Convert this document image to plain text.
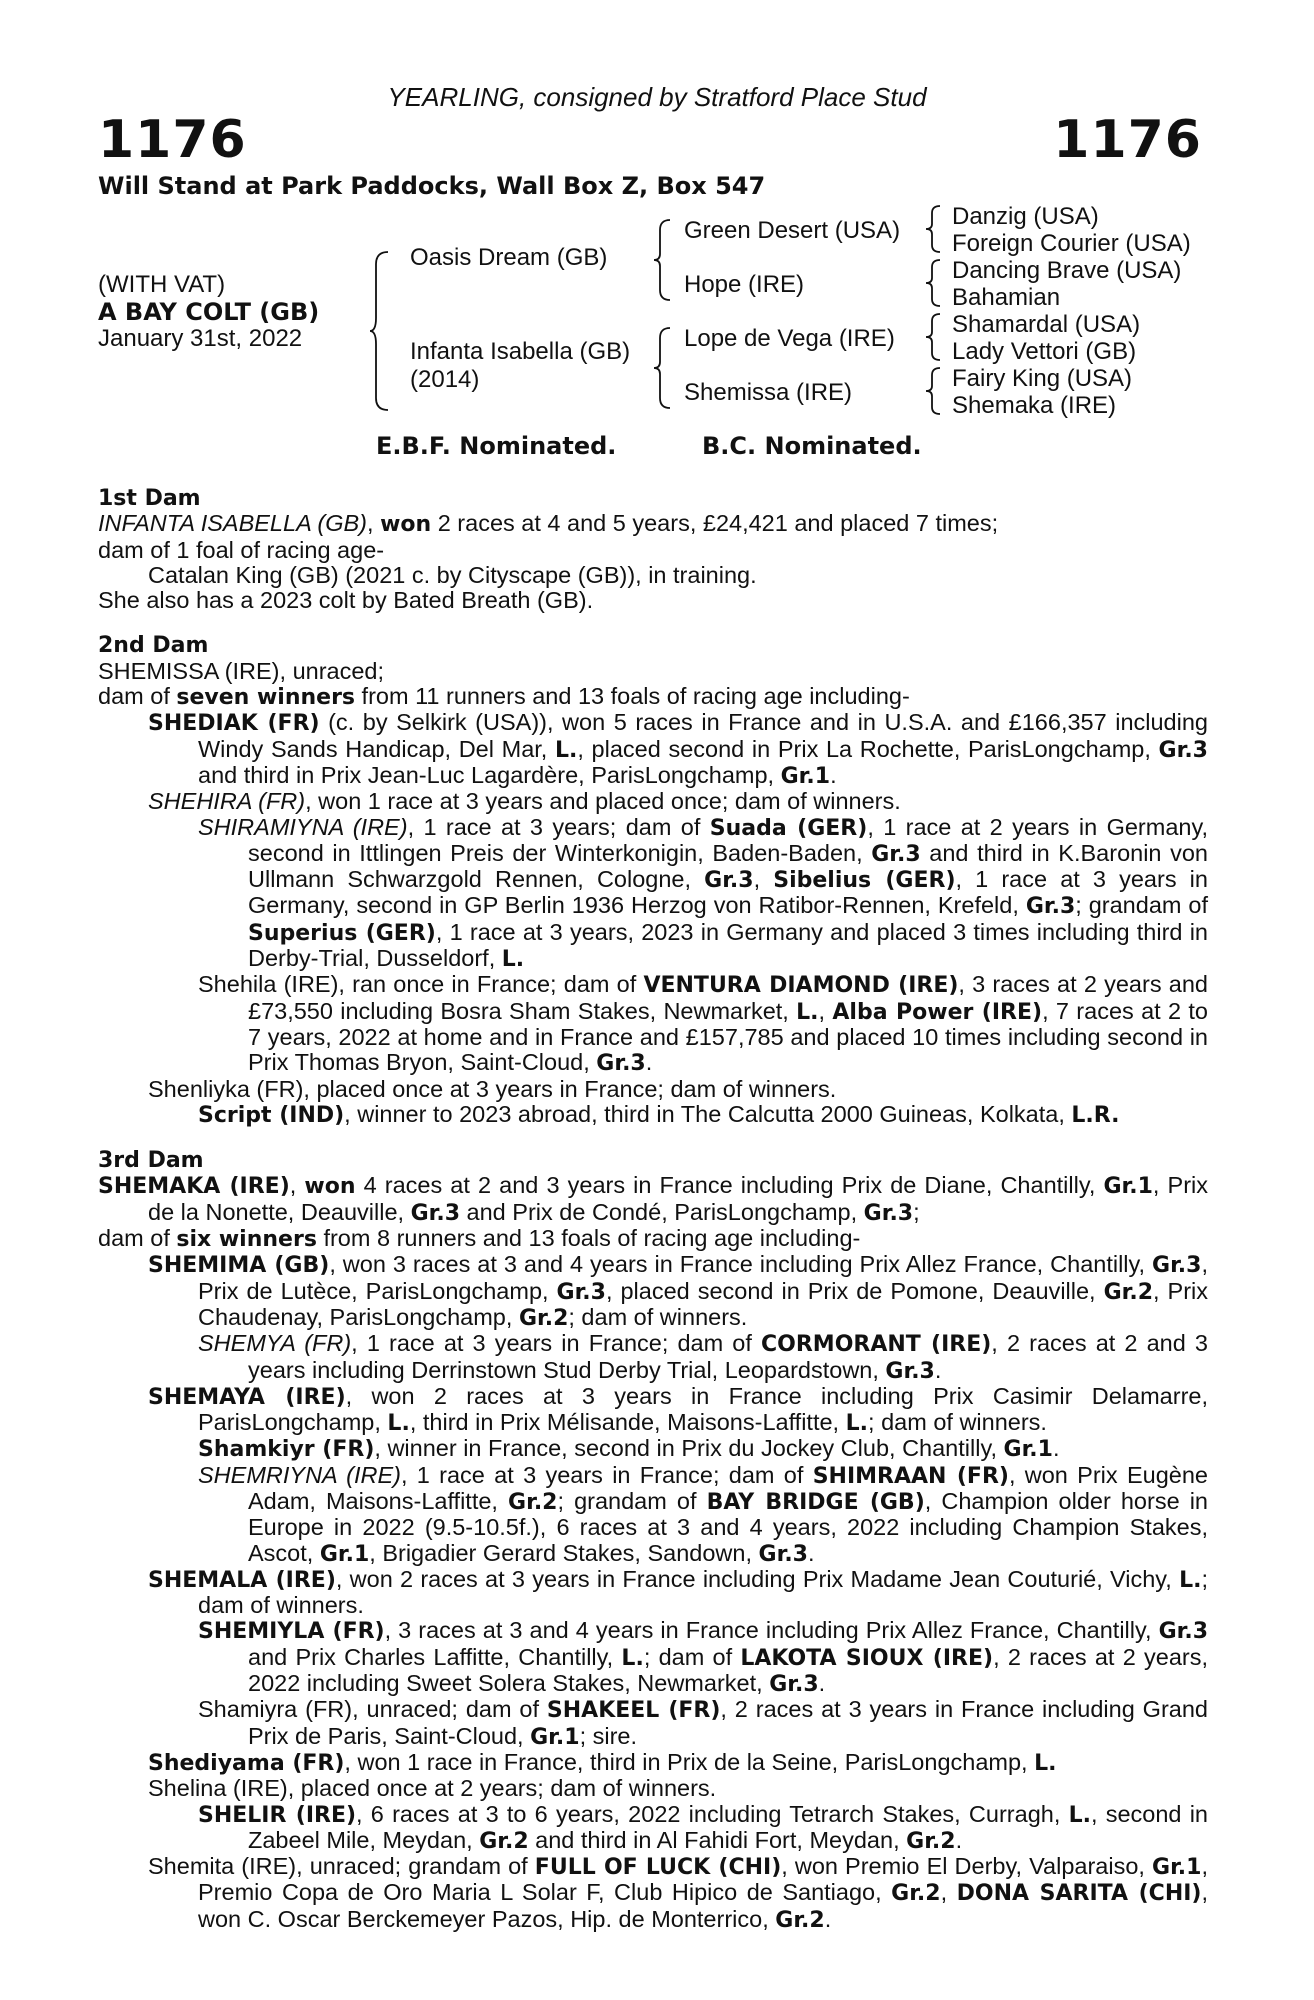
YEARLING, consigned by Stratford Place Stud
1176	1176
Will Stand at Park Paddocks, Wall Box Z, Box 547
(WITH VAT)
A BAY COLT (GB)
January 31st, 2022
Oasis Dream (GB)
Infanta Isabella (GB)
(2014)
Green Desert (USA)
Hope (IRE)
Lope de Vega (IRE)
Shemissa (IRE)
Danzig (USA)
Foreign Courier (USA)
Dancing Brave (USA)
Bahamian
Shamardal (USA)
Lady Vettori (GB)
Fairy King (USA)
Shemaka (IRE)
E.B.F. Nominated.	B.C. Nominated.
1st Dam
INFANTA ISABELLA (GB), won 2 races at 4 and 5 years, £24,421 and placed 7 times;
dam of 1 foal of racing age-
Catalan King (GB) (2021 c. by Cityscape (GB)), in training.
She also has a 2023 colt by Bated Breath (GB).
2nd Dam
SHEMISSA (IRE), unraced;
dam of seven winners from 11 runners and 13 foals of racing age including-
SHEDIAK (FR) (c. by Selkirk (USA)), won 5 races in France and in U.S.A. and £166,357 including Windy Sands Handicap, Del Mar, L., placed second in Prix La Rochette, ParisLongchamp, Gr.3 and third in Prix Jean-Luc Lagardère, ParisLongchamp, Gr.1.
SHEHIRA (FR), won 1 race at 3 years and placed once; dam of winners.
SHIRAMIYNA (IRE), 1 race at 3 years; dam of Suada (GER), 1 race at 2 years in Germany, second in Ittlingen Preis der Winterkonigin, Baden-Baden, Gr.3 and third in K.Baronin von Ullmann Schwarzgold Rennen, Cologne, Gr.3, Sibelius (GER), 1 race at 3 years in Germany, second in GP Berlin 1936 Herzog von Ratibor-Rennen, Krefeld, Gr.3; grandam of Superius (GER), 1 race at 3 years, 2023 in Germany and placed 3 times including third in Derby-Trial, Dusseldorf, L.
Shehila (IRE), ran once in France; dam of VENTURA DIAMOND (IRE), 3 races at 2 years and £73,550 including Bosra Sham Stakes, Newmarket, L., Alba Power (IRE), 7 races at 2 to 7 years, 2022 at home and in France and £157,785 and placed 10 times including second in Prix Thomas Bryon, Saint-Cloud, Gr.3.
Shenliyka (FR), placed once at 3 years in France; dam of winners.
Script (IND), winner to 2023 abroad, third in The Calcutta 2000 Guineas, Kolkata, L.R.
3rd Dam
SHEMAKA (IRE), won 4 races at 2 and 3 years in France including Prix de Diane, Chantilly, Gr.1, Prix de la Nonette, Deauville, Gr.3 and Prix de Condé, ParisLongchamp, Gr.3;
dam of six winners from 8 runners and 13 foals of racing age including-
SHEMIMA (GB), won 3 races at 3 and 4 years in France including Prix Allez France, Chantilly, Gr.3, Prix de Lutèce, ParisLongchamp, Gr.3, placed second in Prix de Pomone, Deauville, Gr.2, Prix Chaudenay, ParisLongchamp, Gr.2; dam of winners.
SHEMYA (FR), 1 race at 3 years in France; dam of CORMORANT (IRE), 2 races at 2 and 3 years including Derrinstown Stud Derby Trial, Leopardstown, Gr.3.
SHEMAYA (IRE), won 2 races at 3 years in France including Prix Casimir Delamarre, ParisLongchamp, L., third in Prix Mélisande, Maisons-Laffitte, L.; dam of winners.
Shamkiyr (FR), winner in France, second in Prix du Jockey Club, Chantilly, Gr.1.
SHEMRIYNA (IRE), 1 race at 3 years in France; dam of SHIMRAAN (FR), won Prix Eugène Adam, Maisons-Laffitte, Gr.2; grandam of BAY BRIDGE (GB), Champion older horse in Europe in 2022 (9.5-10.5f.), 6 races at 3 and 4 years, 2022 including Champion Stakes, Ascot, Gr.1, Brigadier Gerard Stakes, Sandown, Gr.3.
SHEMALA (IRE), won 2 races at 3 years in France including Prix Madame Jean Couturié, Vichy, L.; dam of winners.
SHEMIYLA (FR), 3 races at 3 and 4 years in France including Prix Allez France, Chantilly, Gr.3 and Prix Charles Laffitte, Chantilly, L.; dam of LAKOTA SIOUX (IRE), 2 races at 2 years, 2022 including Sweet Solera Stakes, Newmarket, Gr.3.
Shamiyra (FR), unraced; dam of SHAKEEL (FR), 2 races at 3 years in France including Grand Prix de Paris, Saint-Cloud, Gr.1; sire.
Shediyama (FR), won 1 race in France, third in Prix de la Seine, ParisLongchamp, L.
Shelina (IRE), placed once at 2 years; dam of winners.
SHELIR (IRE), 6 races at 3 to 6 years, 2022 including Tetrarch Stakes, Curragh, L., second in Zabeel Mile, Meydan, Gr.2 and third in Al Fahidi Fort, Meydan, Gr.2.
Shemita (IRE), unraced; grandam of FULL OF LUCK (CHI), won Premio El Derby, Valparaiso, Gr.1, Premio Copa de Oro Maria L Solar F, Club Hipico de Santiago, Gr.2, DONA SARITA (CHI), won C. Oscar Berckemeyer Pazos, Hip. de Monterrico, Gr.2.
